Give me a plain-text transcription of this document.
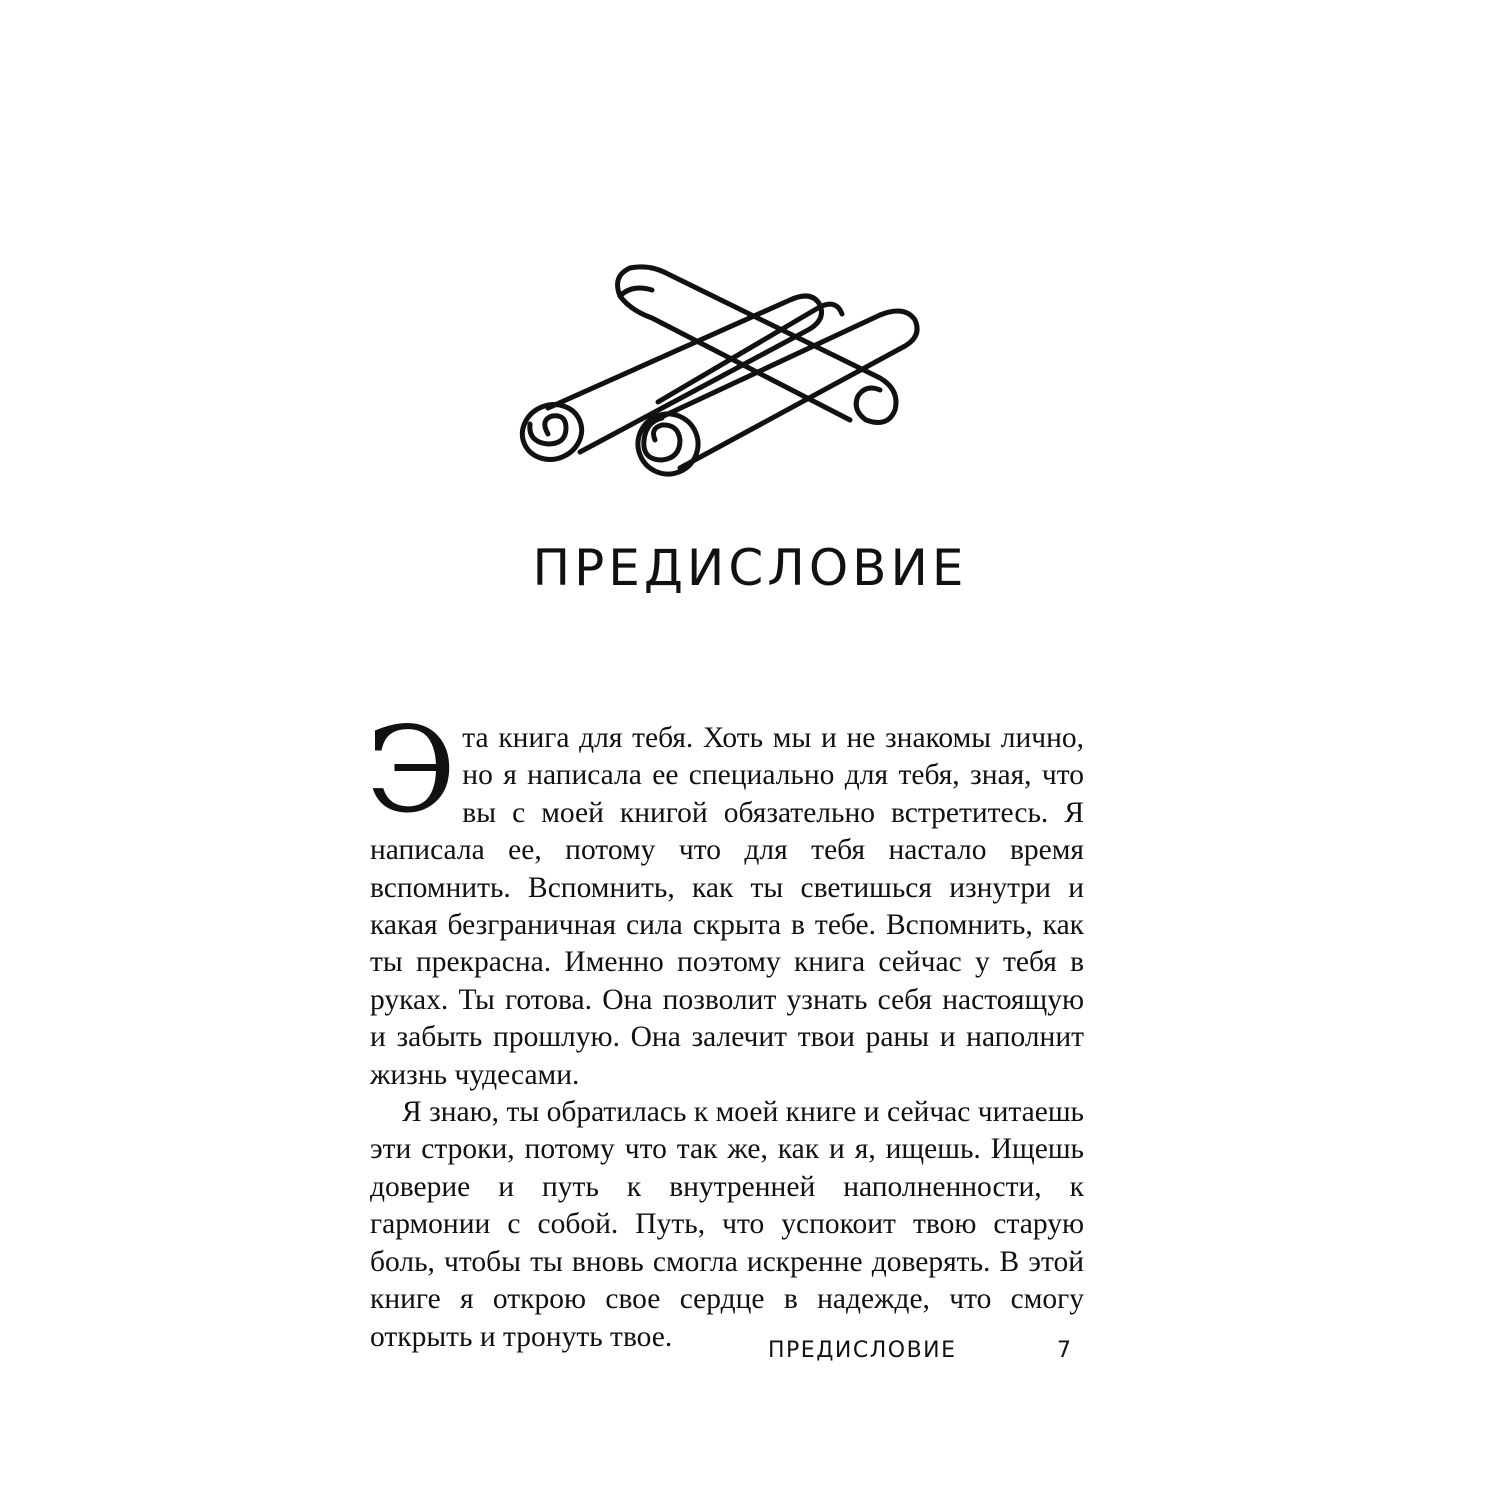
ПРЕДИСЛОВИЕ

Эта книга для тебя. Хоть мы и не знакомы лично, но я написала ее специально для тебя, зная, что вы с моей книгой обязательно встретитесь. Я написала ее, потому что для тебя настало время вспомнить. Вспомнить, как ты светишься изнутри и какая безграничная сила скрыта в тебе. Вспомнить, как ты прекрасна. Именно поэтому книга сейчас у тебя в руках. Ты готова. Она позволит узнать себя настоящую и забыть прошлую. Она залечит твои раны и наполнит жизнь чудесами.

Я знаю, ты обратилась к моей книге и сейчас читаешь эти строки, потому что так же, как и я, ищешь. Ищешь доверие и путь к внутренней наполненности, к гармонии с собой. Путь, что успокоит твою старую боль, чтобы ты вновь смогла искренне доверять. В этой книге я открою свое сердце в надежде, что смогу открыть и тронуть твое.	ПРЕДИСЛОВИЕ	7
